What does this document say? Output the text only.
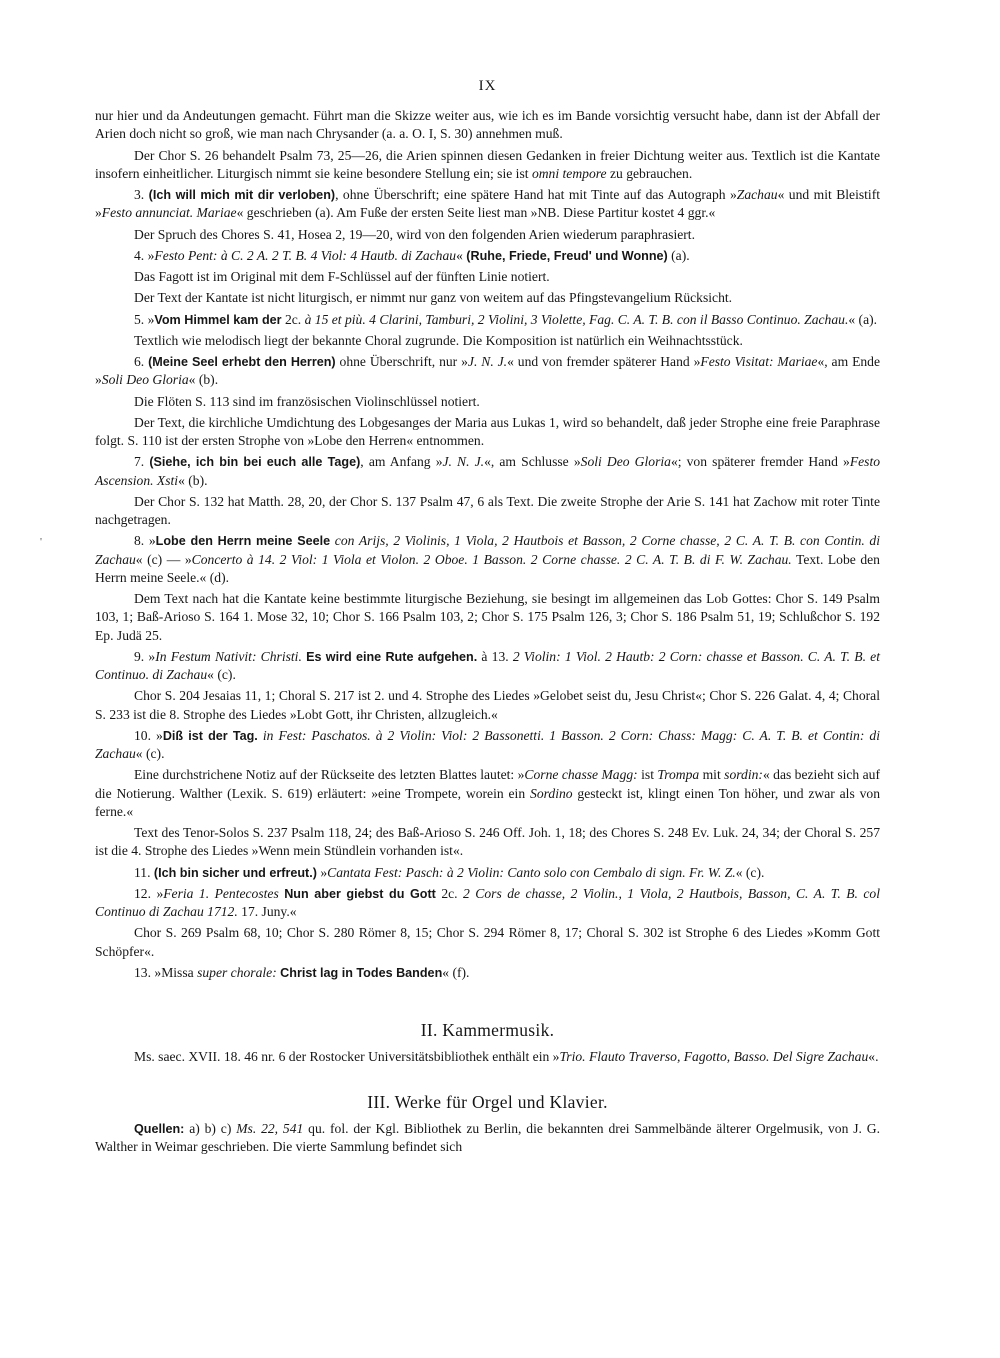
IX

nur hier und da Andeutungen gemacht. Führt man die Skizze weiter aus, wie ich es im Bande vorsichtig versucht habe, dann ist der Abfall der Arien doch nicht so groß, wie man nach Chrysander (a. a. O. I, S. 30) annehmen muß.

Der Chor S. 26 behandelt Psalm 73, 25—26, die Arien spinnen diesen Gedanken in freier Dichtung weiter aus. Textlich ist die Kantate insofern einheitlicher. Liturgisch nimmt sie keine besondere Stellung ein; sie ist omni tempore zu gebrauchen.

3. (Ich will mich mit dir verloben), ohne Überschrift; eine spätere Hand hat mit Tinte auf das Autograph »Zachau« und mit Bleistift »Festo annunciat. Mariae« geschrieben (a). Am Fuße der ersten Seite liest man »NB. Diese Partitur kostet 4 ggr.«

Der Spruch des Chores S. 41, Hosea 2, 19—20, wird von den folgenden Arien wiederum paraphrasiert.

4. »Festo Pent: à C. 2 A. 2 T. B. 4 Viol: 4 Hautb. di Zachau« (Ruhe, Friede, Freud' und Wonne) (a).

Das Fagott ist im Original mit dem F-Schlüssel auf der fünften Linie notiert.

Der Text der Kantate ist nicht liturgisch, er nimmt nur ganz von weitem auf das Pfingstevangelium Rücksicht.

5. »Vom Himmel kam der 2c. à 15 et più. 4 Clarini, Tamburi, 2 Violini, 3 Violette, Fag. C. A. T. B. con il Basso Continuo. Zachau.« (a).

Textlich wie melodisch liegt der bekannte Choral zugrunde. Die Komposition ist natürlich ein Weihnachtsstück.

6. (Meine Seel erhebt den Herren) ohne Überschrift, nur »J. N. J.« und von fremder späterer Hand »Festo Visitat: Mariae«, am Ende »Soli Deo Gloria« (b).

Die Flöten S. 113 sind im französischen Violinschlüssel notiert.

Der Text, die kirchliche Umdichtung des Lobgesanges der Maria aus Lukas 1, wird so behandelt, daß jeder Strophe eine freie Paraphrase folgt. S. 110 ist der ersten Strophe von »Lobe den Herren« entnommen.

7. (Siehe, ich bin bei euch alle Tage), am Anfang »J. N. J.«, am Schlusse »Soli Deo Gloria«; von späterer fremder Hand »Festo Ascension. Xsti« (b).

Der Chor S. 132 hat Matth. 28, 20, der Chor S. 137 Psalm 47, 6 als Text. Die zweite Strophe der Arie S. 141 hat Zachow mit roter Tinte nachgetragen.

8. »Lobe den Herrn meine Seele con Arijs, 2 Violinis, 1 Viola, 2 Hautbois et Basson, 2 Corne chasse, 2 C. A. T. B. con Contin. di Zachau« (c) — »Concerto à 14. 2 Viol: 1 Viola et Violon. 2 Oboe. 1 Basson. 2 Corne chasse. 2 C. A. T. B. di F. W. Zachau. Text. Lobe den Herrn meine Seele.« (d).

Dem Text nach hat die Kantate keine bestimmte liturgische Beziehung, sie besingt im allgemeinen das Lob Gottes: Chor S. 149 Psalm 103, 1; Baß-Arioso S. 164 1. Mose 32, 10; Chor S. 166 Psalm 103, 2; Chor S. 175 Psalm 126, 3; Chor S. 186 Psalm 51, 19; Schlußchor S. 192 Ep. Judä 25.

9. »In Festum Nativit: Christi. Es wird eine Rute aufgehen. à 13. 2 Violin: 1 Viol. 2 Hautb: 2 Corn: chasse et Basson. C. A. T. B. et Continuo. di Zachau« (c).

Chor S. 204 Jesaias 11, 1; Choral S. 217 ist 2. und 4. Strophe des Liedes »Gelobet seist du, Jesu Christ«; Chor S. 226 Galat. 4, 4; Choral S. 233 ist die 8. Strophe des Liedes »Lobt Gott, ihr Christen, allzugleich.«

10. »Diß ist der Tag. in Fest: Paschatos. à 2 Violin: Viol: 2 Bassonetti. 1 Basson. 2 Corn: Chass: Magg: C. A. T. B. et Contin: di Zachau« (c).

Eine durchstrichene Notiz auf der Rückseite des letzten Blattes lautet: »Corne chasse Magg: ist Trompa mit sordin:« das bezieht sich auf die Notierung. Walther (Lexik. S. 619) erläutert: »eine Trompete, worein ein Sordino gesteckt ist, klingt einen Ton höher, und zwar als von ferne.«

Text des Tenor-Solos S. 237 Psalm 118, 24; des Baß-Arioso S. 246 Off. Joh. 1, 18; des Chores S. 248 Ev. Luk. 24, 34; der Choral S. 257 ist die 4. Strophe des Liedes »Wenn mein Stündlein vorhanden ist«.

11. (Ich bin sicher und erfreut.) »Cantata Fest: Pasch: à 2 Violin: Canto solo con Cembalo di sign. Fr. W. Z.« (c).

12. »Feria 1. Pentecostes Nun aber giebst du Gott 2c. 2 Cors de chasse, 2 Violin., 1 Viola, 2 Hautbois, Basson, C. A. T. B. col Continuo di Zachau 1712. 17. Juny.«

Chor S. 269 Psalm 68, 10; Chor S. 280 Römer 8, 15; Chor S. 294 Römer 8, 17; Choral S. 302 ist Strophe 6 des Liedes »Komm Gott Schöpfer«.

13. »Missa super chorale: Christ lag in Todes Banden« (f).

II. Kammermusik.

Ms. saec. XVII. 18. 46 nr. 6 der Rostocker Universitätsbibliothek enthält ein »Trio. Flauto Traverso, Fagotto, Basso. Del Sigre Zachau«.

III. Werke für Orgel und Klavier.

Quellen: a) b) c) Ms. 22, 541 qu. fol. der Kgl. Bibliothek zu Berlin, die bekannten drei Sammelbände älterer Orgelmusik, von J. G. Walther in Weimar geschrieben. Die vierte Sammlung befindet sich

'
